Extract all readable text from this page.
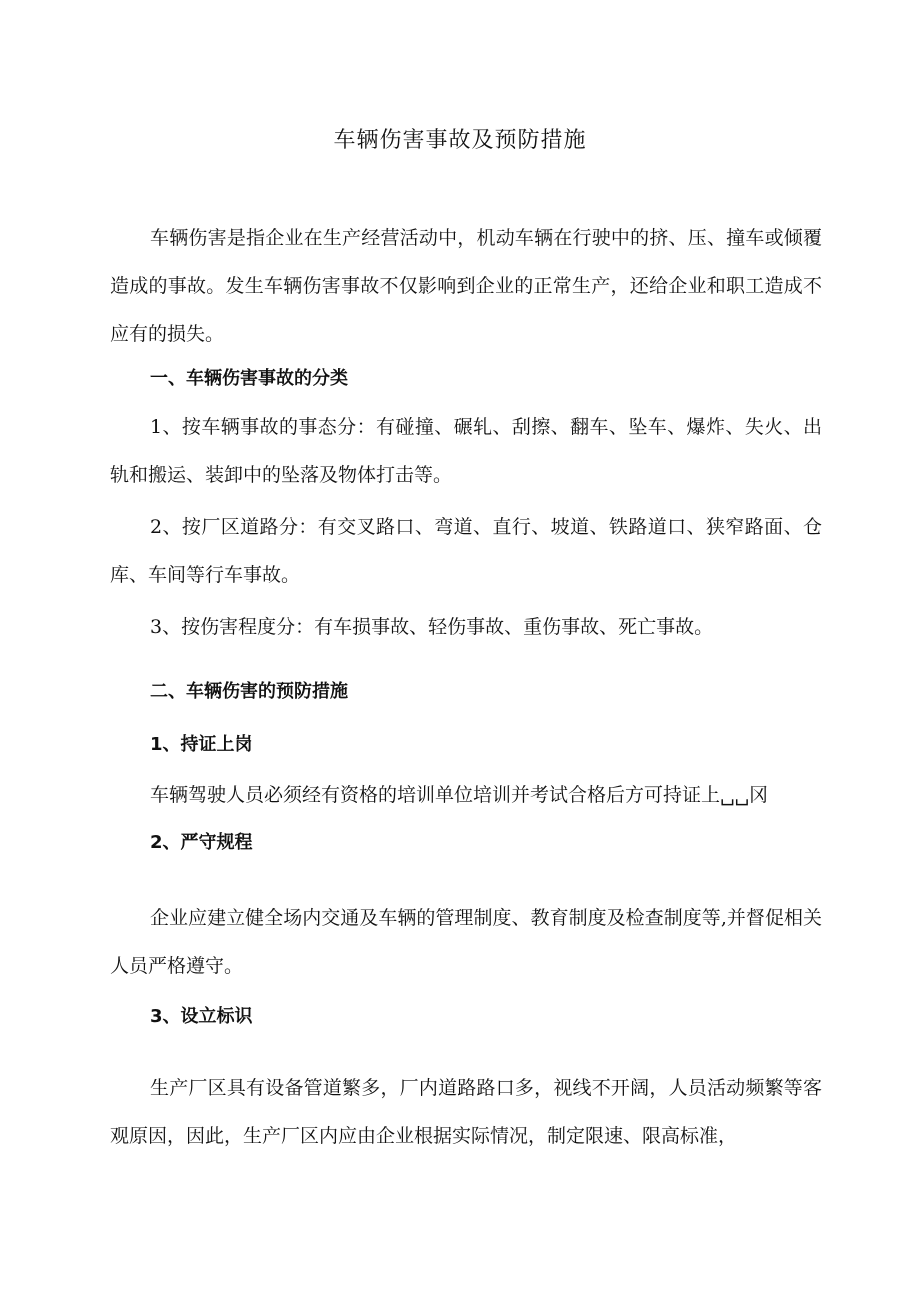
车辆伤害事故及预防措施

车辆伤害是指企业在生产经营活动中，机动车辆在行驶中的挤、压、撞车或倾覆造成的事故。发生车辆伤害事故不仅影响到企业的正常生产，还给企业和职工造成不应有的损失。

一、车辆伤害事故的分类

1、按车辆事故的事态分：有碰撞、碾轧、刮擦、翻车、坠车、爆炸、失火、出轨和搬运、装卸中的坠落及物体打击等。

2、按厂区道路分：有交叉路口、弯道、直行、坡道、铁路道口、狭窄路面、仓库、车间等行车事故。

3、按伤害程度分：有车损事故、轻伤事故、重伤事故、死亡事故。

二、车辆伤害的预防措施
1、持证上岗
车辆驾驶人员必须经有资格的培训单位培训并考试合格后方可持证上␣␣冈
2、严守规程

企业应建立健全场内交通及车辆的管理制度、教育制度及检查制度等,并督促相关人员严格遵守。

3、设立标识

生产厂区具有设备管道繁多，厂内道路路口多，视线不开阔，人员活动频繁等客观原因，因此，生产厂区内应由企业根据实际情况，制定限速、限高标准，
